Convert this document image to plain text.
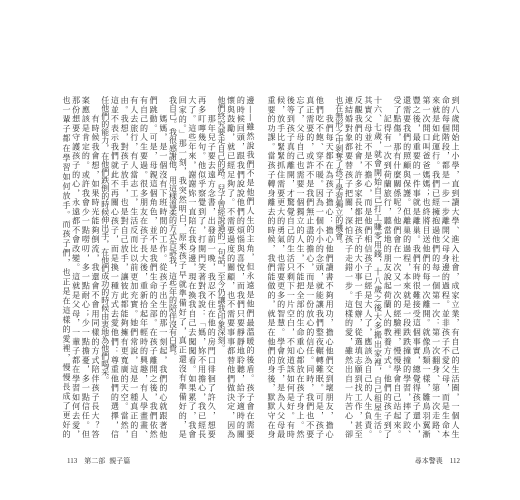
到八歲開始上小學，直到讀大學、進入社會，成家立業，有自己的生活圈，一個人生
命的每個階段，都是一步一步離開父母身邊的過程。並非孩子不愛父母，而是生命本
來就是如此運行。我們已經擁抱過他們的每一個第一次：第一次翻身、第一次走路、
第一次開口叫爸爸媽媽；也終將目送他們的每一次離開。就像鳥類一樣，雛鳥羽翼漸
豐之後，最重要的一件事就是離巢。我們有時很難接受這個事實，總覺得孩子還小，
還需要我們的照顧與保護。但離巢的過程，本來就是一段跌跌撞撞的學習，摔了跤、
受了點傷，那有什麼關係呢？他們會在一次又一次的經驗裡，慢慢學會自己站起來。
　　記得有一次到荷蘭旅行，聽當地的朋友說起荷蘭人的教養方式。他們的孩子到了
十六、七歲，就會開始自己打工賺零用錢，十八歲之後大多搬出家裡，自己租屋生活。
其實父母並不是不擔心，而是他們相信孩子已經是大人了，應該為自己的人生負責。
反觀我們的社會，許多家長都把孩子的大小事一手包辦，從選填志願到找工作，甚至
連結婚對象都要替孩子把關，深怕孩子走錯一步。這樣的愛，雖然出自一片苦心，卻
也在無形之中剝奪了孩子學習獨立的機會。
　　我們每天都在為孩子擔心：擔心他們讀書不夠用功，擔心他們交到壞朋友，擔心
他們吃不飽、穿不暖。因為一個小小的念頭，就能讓我們整夜輾轉難眠。可是，孩子
真正需要的，或許不是我們無止盡的擔心，而是一份放心的信任。同時，我們也不要
忘了，父母自己也需要一個獨立的人生，不能把全部的生命重心都放在孩子身上。然
後等到孩子真的離開，才驚覺自己的生活只剩下一片空白，不知道該如何是好。有時
候，放手比緊緊抓住需要更大的勇氣，也需要更多的智慧。學會放手，是為人父母最
重要的功課。當孩子轉身離去的時候，我們能做的，就是在他們的身後，默默守在身
尋本警喪 112
邊——雖然說我們不是他們人生的主角，但永遠是他們最溫暖的後盾。孩子會在需要
的時候回頭，跟我們說說他們的煩惱與喜悅，而我們只要靜靜地聆聽，給予適時的關
懷與鼓勵，就已經足夠了。不需要過度的關顧，也不需要事事都替他們做決定，因為
他們終究要走自己的路。兒子曾經說過的一句話，至今仍讓我印象深刻。
　　那年兒子要去遠方念書，出發前一晚，我忍不住在他的房門口徘徊了許久，想要
再多叮嚀幾句。他似乎察覺到了，打開門笑著對我說：「媽，妳不用擔心，我已經長
大了。這些年來，謝謝妳一直陪在我身邊，現在換我自己去闖闖看。如果累了，我會
回家的。」那一刻，我突然明白，原來孩子早就準備好了，真正還沒有準備好的，是
我自己。我很感謝他，用這樣溫柔的方式告訴我，這些年的陪伴沒有白費。
　　媽媽，是一個沒有下班時間的工作。從孩子出生的那一刻起，我們的心就跟著他
們跳動。可是，母親這個角色，並不是我們生命的全部。在孩子離開之後，我們依然
有自己的人生要過。很多朋友在孩子長大後，重新拾起年輕時的興趣，有人學畫畫、
有人去旅行，有人當志工，生活反而比以前更加充實。她們常說，這是一種真正的自
由。我想，對孩子放手，也是對自己放手，讓彼此都能夠擁有更寬廣的天空。當然，
這並不表示我們就此不再關心孩子，而是換一種方式去愛他們：尊重他們的選擇，信
任他們的能力，在他們跌倒的時候伸出手，在他們成功的時候由衷地為他們喝采。
　　有時候我會想，如果時光能夠倒流，我還會不會用同樣的方式陪伴孩子長大？答
案應該是肯定的。或許我會少一點嘮叨，多一點耐心；少一點擔憂，多一點信任。但
那份想要守護孩子的心，永遠都不會改變。這就是父母，一輩子都在學習如何去愛，
也一輩子都在學習如何放手。而孩子們，也正是在這樣的愛裡，慢慢長成了更好的
113 第二部 親子篇
